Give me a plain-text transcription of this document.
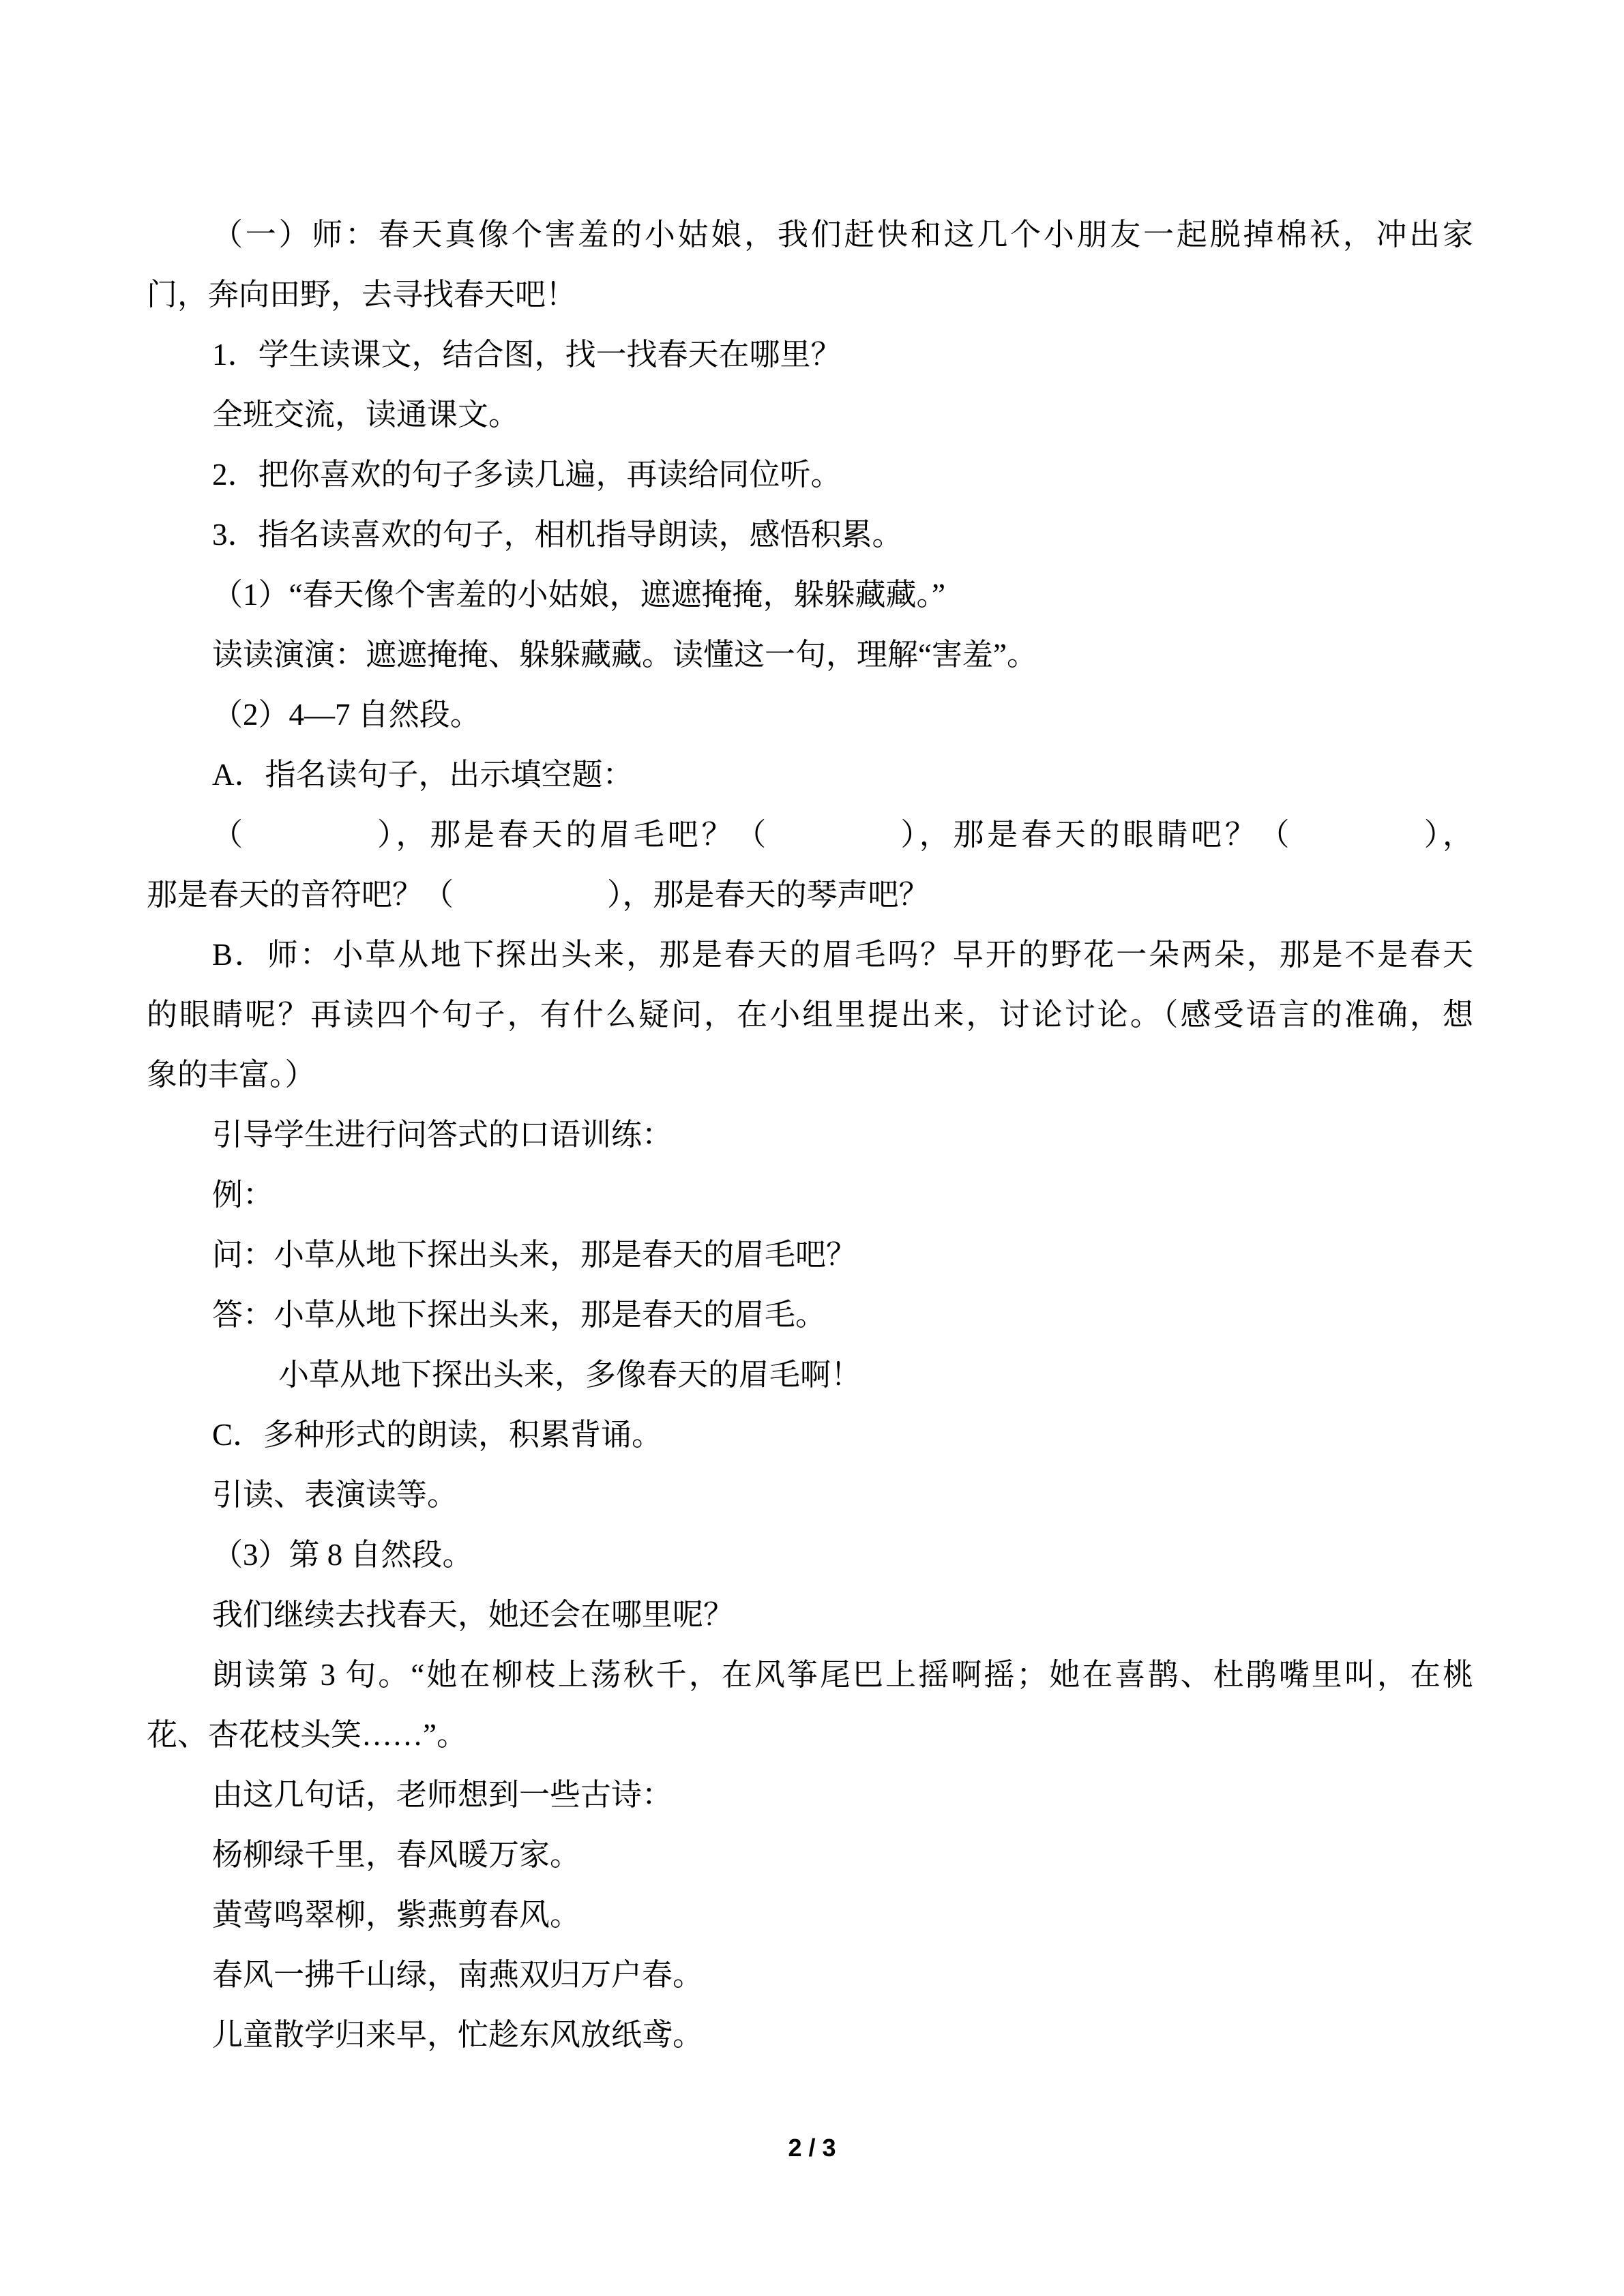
（一）师：春天真像个害羞的小姑娘，我们赶快和这几个小朋友一起脱掉棉袄，冲出家
门，奔向田野，去寻找春天吧！
1．学生读课文，结合图，找一找春天在哪里？
全班交流，读通课文。
2．把你喜欢的句子多读几遍，再读给同位听。
3．指名读喜欢的句子，相机指导朗读，感悟积累。
（1）“春天像个害羞的小姑娘，遮遮掩掩，躲躲藏藏。”
读读演演：遮遮掩掩、躲躲藏藏。读懂这一句，理解“害羞”。
（2）4—7 自然段。
A．指名读句子，出示填空题：
（            ），那是春天的眉毛吧？（            ），那是春天的眼睛吧？（            ），
那是春天的音符吧？（                    ），那是春天的琴声吧？
B．师：小草从地下探出头来，那是春天的眉毛吗？早开的野花一朵两朵，那是不是春天
的眼睛呢？再读四个句子，有什么疑问，在小组里提出来，讨论讨论。（感受语言的准确，想
象的丰富。）
引导学生进行问答式的口语训练：
例：
问：小草从地下探出头来，那是春天的眉毛吧？
答：小草从地下探出头来，那是春天的眉毛。
小草从地下探出头来，多像春天的眉毛啊！
C．多种形式的朗读，积累背诵。
引读、表演读等。
（3）第 8 自然段。
我们继续去找春天，她还会在哪里呢？
朗读第 3 句。“她在柳枝上荡秋千，在风筝尾巴上摇啊摇；她在喜鹊、杜鹃嘴里叫，在桃
花、杏花枝头笑……”。
由这几句话，老师想到一些古诗：
杨柳绿千里，春风暖万家。
黄莺鸣翠柳，紫燕剪春风。
春风一拂千山绿，南燕双归万户春。
儿童散学归来早，忙趁东风放纸鸢。
2 / 3
